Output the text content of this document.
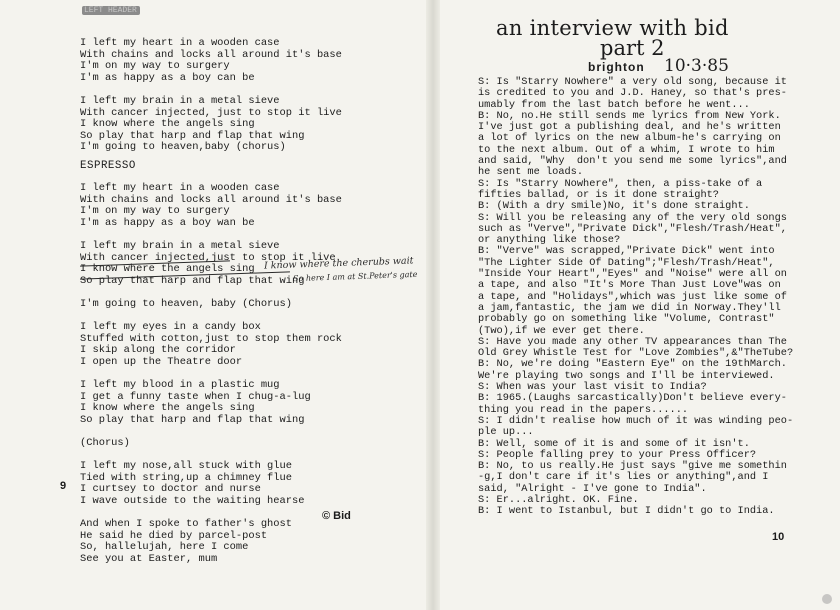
LEFT HEADER
I left my heart in a wooden case
With chains and locks all around it's base
I'm on my way to surgery
I'm as happy as a boy can be
I left my brain in a metal sieve
With cancer injected, just to stop it live
I know where the angels sing
So play that harp and flap that wing
I'm going to heaven,baby (chorus)
ESPRESSO
I left my heart in a wooden case
With chains and locks all around it's base
I'm on my way to surgery
I'm as happy as a boy wan be
I left my brain in a metal sieve
With cancer injected,just to stop it live
I know where the angels sing
So play that harp and flap that wing
I'm going to heaven, baby (Chorus)
I left my eyes in a candy box
Stuffed with cotton,just to stop them rock
I skip along the corridor
I open up the Theatre door
I left my blood in a plastic mug
I get a funny taste when I chug-a-lug
I know where the angels sing
So play that harp and flap that wing
(Chorus)
I left my nose,all stuck with glue
Tied with string,up a chimney flue
I curtsey to doctor and nurse
I wave outside to the waiting hearse
And when I spoke to father's ghost
He said he died by parcel-post
So, hallelujah, here I come
See you at Easter, mum
I know where the cherubs wait
So here I am at St.Peter's gate
9
© Bid
an interview with bid
part 2
brighton 10·3·85
S: Is "Starry Nowhere" a very old song, because it
is credited to you and J.D. Haney, so that's pres-
umably from the last batch before he went...
B: No, no.He still sends me lyrics from New York.
I've just got a publishing deal, and he's written
a lot of lyrics on the new album-he's carrying on
to the next album. Out of a whim, I wrote to him
and said, "Why  don't you send me some lyrics",and
he sent me loads.
S: Is "Starry Nowhere", then, a piss-take of a
fifties ballad, or is it done straight?
B: (With a dry smile)No, it's done straight.
S: Will you be releasing any of the very old songs
such as "Verve","Private Dick","Flesh/Trash/Heat",
or anything like those?
B: "Verve" was scrapped,"Private Dick" went into
"The Lighter Side Of Dating";"Flesh/Trash/Heat",
"Inside Your Heart","Eyes" and "Noise" were all on
a tape, and also "It's More Than Just Love"was on
a tape, and "Holidays",which was just like some of
a jam,fantastic, the jam we did in Norway.They'll
probably go on something like "Volume, Contrast"
(Two),if we ever get there.
S: Have you made any other TV appearances than The
Old Grey Whistle Test for "Love Zombies",&"TheTube?
B: No, we're doing "Eastern Eye" on the 19thMarch.
We're playing two songs and I'll be interviewed.
S: When was your last visit to India?
B: 1965.(Laughs sarcastically)Don't believe every-
thing you read in the papers......
S: I didn't realise how much of it was winding peo-
ple up...
B: Well, some of it is and some of it isn't.
S: People falling prey to your Press Officer?
B: No, to us really.He just says "give me somethin
-g,I don't care if it's lies or anything",and I
said, "Alright - I've gone to India".
S: Er...alright. OK. Fine.
B: I went to Istanbul, but I didn't go to India.
10
